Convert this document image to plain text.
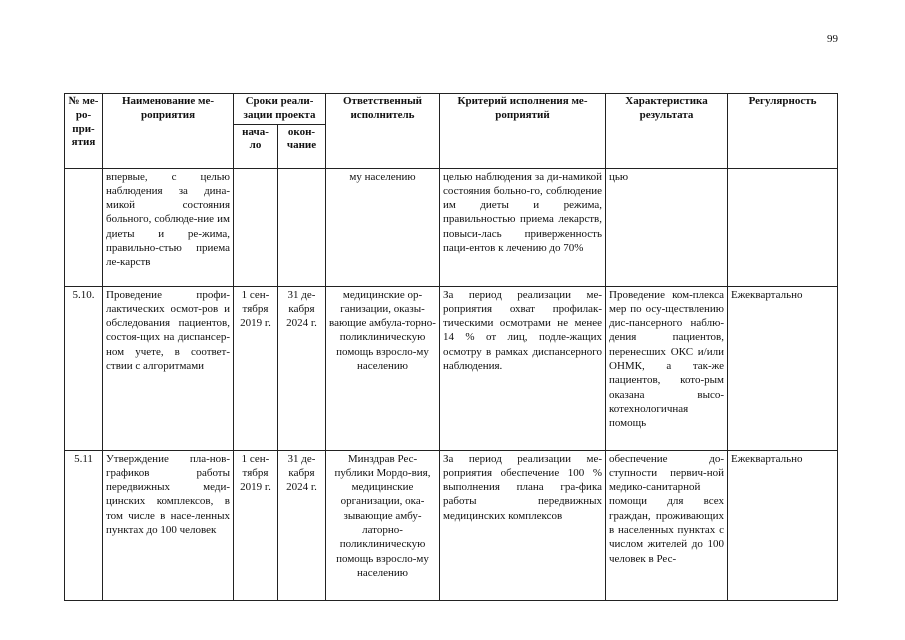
99
№ ме-ро-при-ятия	Наименование ме-роприятия	Сроки реали-зации проекта		Ответственный исполнитель	Критерий исполнения ме-роприятий	Характеристика результата	Регулярность
		нача-ло	окон-чание				
	впервые, с целью наблюдения за дина-микой состояния больного, соблюде-ние им диеты и ре-жима, правильно-стью приема ле-карств			му населению	целью наблюдения за ди-намикой состояния больно-го, соблюдение им диеты и режима, правильностью приема лекарств, повыси-лась приверженность паци-ентов к лечению до 70%	цью	
5.10.	Проведение профи-лактических осмот-ров и обследования пациентов, состоя-щих на диспансер-ном учете, в соответ-ствии с алгоритмами	1 сен-тября 2019 г.	31 де-кабря 2024 г.	медицинские ор-ганизации, оказы-вающие амбула-торно-поликлиническую помощь взросло-му населению	За период реализации ме-роприятия охват профилак-тическими осмотрами не менее 14 % от лиц, подле-жащих осмотру в рамках диспансерного наблюдения.	Проведение ком-плекса мер по осу-ществлению дис-пансерного наблю-дения пациентов, перенесших ОКС и/или ОНМК, а так-же пациентов, кото-рым оказана высо-котехнологичная помощь	Ежеквартально
5.11	Утверждение пла-нов-графиков работы передвижных меди-цинских комплексов, в том числе в насе-ленных пунктах до 100 человек	1 сен-тября 2019 г.	31 де-кабря 2024 г.	Минздрав Рес-публики Мордо-вия, медицинские организации, ока-зывающие амбу-латорно-поликлиническую помощь взросло-му населению	За период реализации ме-роприятия обеспечение 100 % выполнения плана гра-фика работы передвижных медицинских комплексов	обеспечение до-ступности первич-ной медико-санитарной помощи для всех граждан, проживающих в населенных пунктах с числом жителей до 100 человек в Рес-	Ежеквартально
